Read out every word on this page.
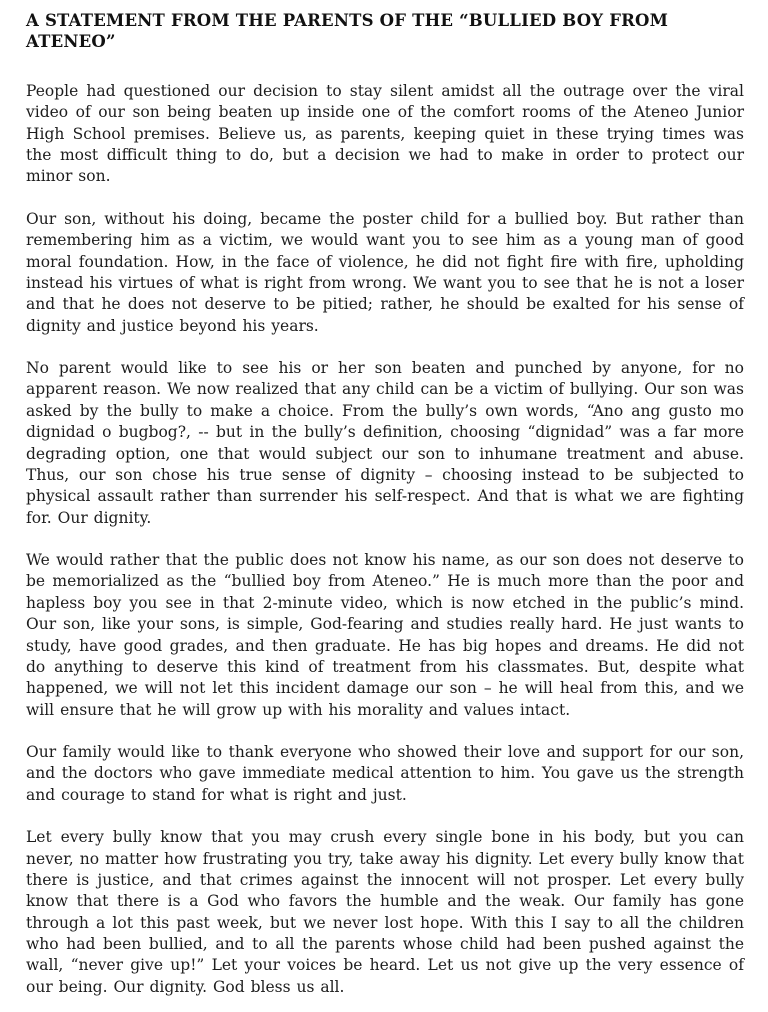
A STATEMENT FROM THE PARENTS OF THE “BULLIED BOY FROM ATENEO”

People had questioned our decision to stay silent amidst all the outrage over the viral video of our son being beaten up inside one of the comfort rooms of the Ateneo Junior High School premises. Believe us, as parents, keeping quiet in these trying times was the most difficult thing to do, but a decision we had to make in order to protect our minor son.

Our son, without his doing, became the poster child for a bullied boy. But rather than remembering him as a victim, we would want you to see him as a young man of good moral foundation. How, in the face of violence, he did not fight fire with fire, upholding instead his virtues of what is right from wrong. We want you to see that he is not a loser and that he does not deserve to be pitied; rather, he should be exalted for his sense of dignity and justice beyond his years.

No parent would like to see his or her son beaten and punched by anyone, for no apparent reason. We now realized that any child can be a victim of bullying. Our son was asked by the bully to make a choice. From the bully’s own words, “Ano ang gusto mo dignidad o bugbog?, -- but in the bully’s definition, choosing “dignidad” was a far more degrading option, one that would subject our son to inhumane treatment and abuse. Thus, our son chose his true sense of dignity – choosing instead to be subjected to physical assault rather than surrender his self-respect. And that is what we are fighting for. Our dignity.

We would rather that the public does not know his name, as our son does not deserve to be memorialized as the “bullied boy from Ateneo.” He is much more than the poor and hapless boy you see in that 2-minute video, which is now etched in the public’s mind. Our son, like your sons, is simple, God-fearing and studies really hard. He just wants to study, have good grades, and then graduate. He has big hopes and dreams. He did not do anything to deserve this kind of treatment from his classmates. But, despite what happened, we will not let this incident damage our son – he will heal from this, and we will ensure that he will grow up with his morality and values intact.

Our family would like to thank everyone who showed their love and support for our son, and the doctors who gave immediate medical attention to him. You gave us the strength and courage to stand for what is right and just.

Let every bully know that you may crush every single bone in his body, but you can never, no matter how frustrating you try, take away his dignity. Let every bully know that there is justice, and that crimes against the innocent will not prosper. Let every bully know that there is a God who favors the humble and the weak. Our family has gone through a lot this past week, but we never lost hope. With this I say to all the children who had been bullied, and to all the parents whose child had been pushed against the wall, “never give up!” Let your voices be heard. Let us not give up the very essence of our being. Our dignity. God bless us all.
